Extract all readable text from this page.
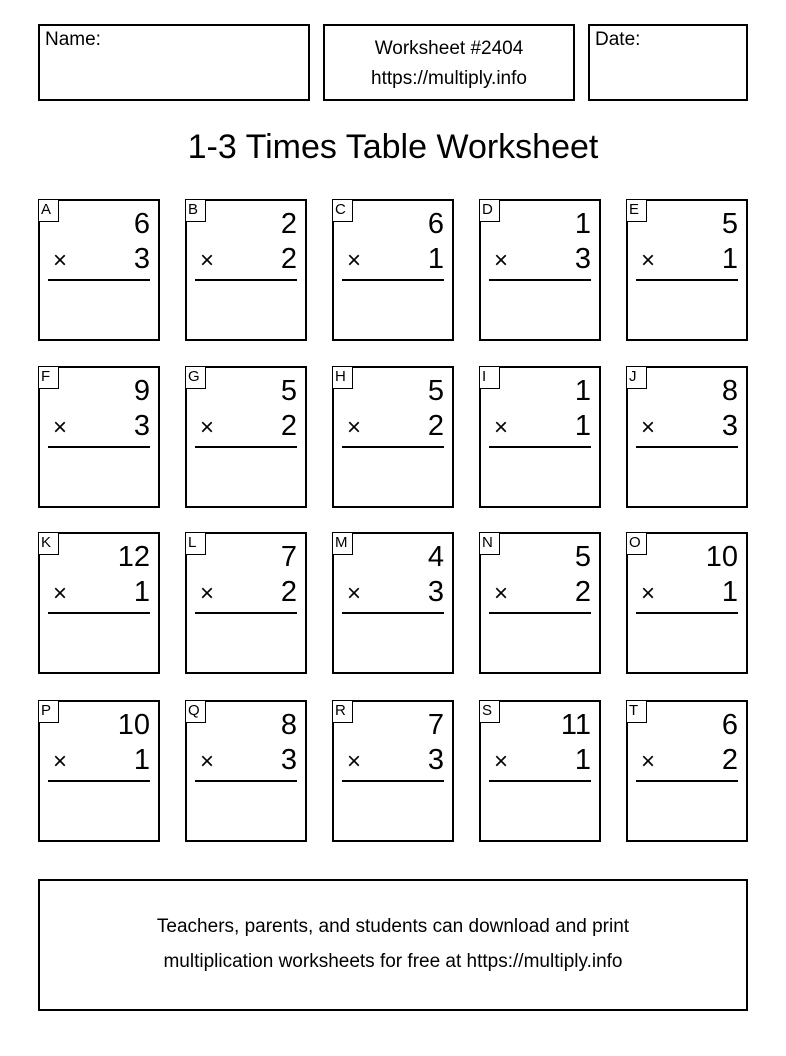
Name:	Worksheet #2404
https://multiply.info
Date:
1-3 Times Table Worksheet
A	6
× 3
B	2
× 2
C	6
× 1
D	1
× 3
E	5
× 1
F	9
× 3
G	5
× 2
H	5
× 2
I	1
× 1
J	8
× 3
K 12
× 1
L	7
× 2
M	4
× 3
N	5
× 2
O 10
× 1
P 10
× 1
Q	8
× 3
R	7
× 3
S 11
× 1
T	6
× 2
Teachers, parents, and students can download and print
multiplication worksheets for free at https://multiply.info
